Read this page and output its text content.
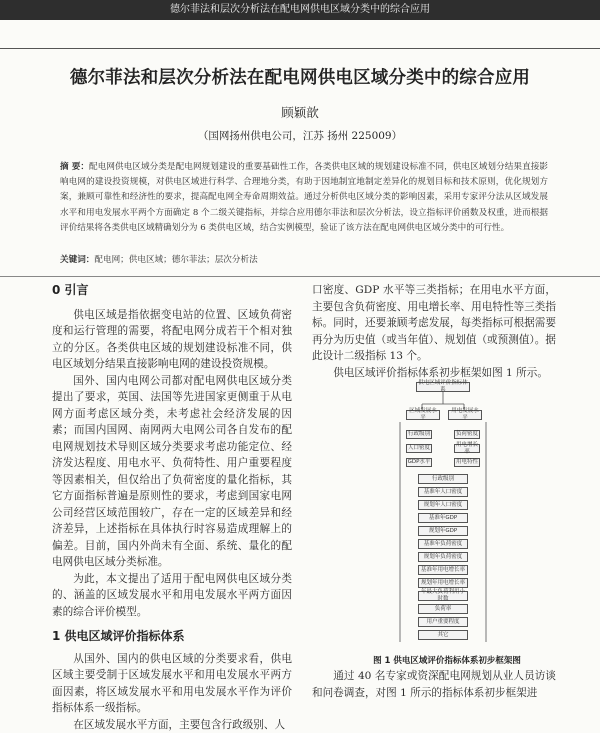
德尔菲法和层次分析法在配电网供电区域分类中的综合应用
德尔菲法和层次分析法在配电网供电区域分类中的综合应用
顾颖歆
（国网扬州供电公司，江苏 扬州 225009）
摘 要：配电网供电区域分类是配电网规划建设的重要基础性工作，各类供电区域的规划建设标准不同，供电区域划分结果直接影响电网的建设投资规模，对供电区域进行科学、合理地分类，有助于因地制宜地制定差异化的规划目标和技术原则，优化规划方案，兼顾可靠性和经济性的要求，提高配电网全寿命周期效益。通过分析供电区域分类的影响因素，采用专家评分法从区域发展水平和用电发展水平两个方面确定 8 个二级关键指标，并综合应用德尔菲法和层次分析法，设立指标评价函数及权重，进而根据评价结果将各类供电区域精确划分为 6 类供电区域，结合实例模型，验证了该方法在配电网供电区域分类中的可行性。
关键词：配电网；供电区域；德尔菲法；层次分析法
0 引言

供电区域是指依据变电站的位置、区域负荷密度和运行管理的需要，将配电网分成若干个相对独立的分区。各类供电区域的规划建设标准不同，供电区域划分结果直接影响电网的建设投资规模。

国外、国内电网公司都对配电网供电区域分类提出了要求，英国、法国等先进国家更侧重于从电网方面考虑区域分类，未考虑社会经济发展的因素；而国内国网、南网两大电网公司各自发布的配电网规划技术导则区域分类要求考虑功能定位、经济发达程度、用电水平、负荷特性、用户重要程度等因素相关，但仅给出了负荷密度的量化指标，其它方面指标普遍是原则性的要求，考虑到国家电网公司经营区域范围较广，存在一定的区域差异和经济差异，上述指标在具体执行时容易造成理解上的偏差。目前，国内外尚未有全面、系统、量化的配电网供电区域分类标准。

为此，本文提出了适用于配电网供电区域分类的、涵盖的区域发展水平和用电发展水平两方面因素的综合评价模型。

1 供电区域评价指标体系

从国外、国内的供电区域的分类要求看，供电区域主要受制于区域发展水平和用电发展水平两方面因素，将区域发展水平和用电发展水平作为评价指标体系一级指标。

在区域发展水平方面，主要包含行政级别、人

口密度、GDP 水平等三类指标；在用电水平方面，主要包含负荷密度、用电增长率、用电特性等三类指标。同时，还要兼顾考虑发展，每类指标可根据需要再分为历史值（或当年值）、规划值（或预测值）。据此设计二级指标 13 个。

供电区域评价指标体系初步框架如图 1 所示。

供电区域评价指标体系
区域发展水平
用电发展水平
行政级别
人口密度
GDP水平
负荷密度
用电增长率
用电特性
行政级别
基准年人口密度
规划年人口密度
基准年GDP
规划年GDP
基准年负荷密度
规划年负荷密度
基准年用电增长率
规划年用电增长率
年最大负荷利用小时数
负荷率
用户重要程度
其它
图 1 供电区域评价指标体系初步框架图

通过 40 名专家或资深配电网规划从业人员访谈和问卷调查，对图 1 所示的指标体系初步框架进
